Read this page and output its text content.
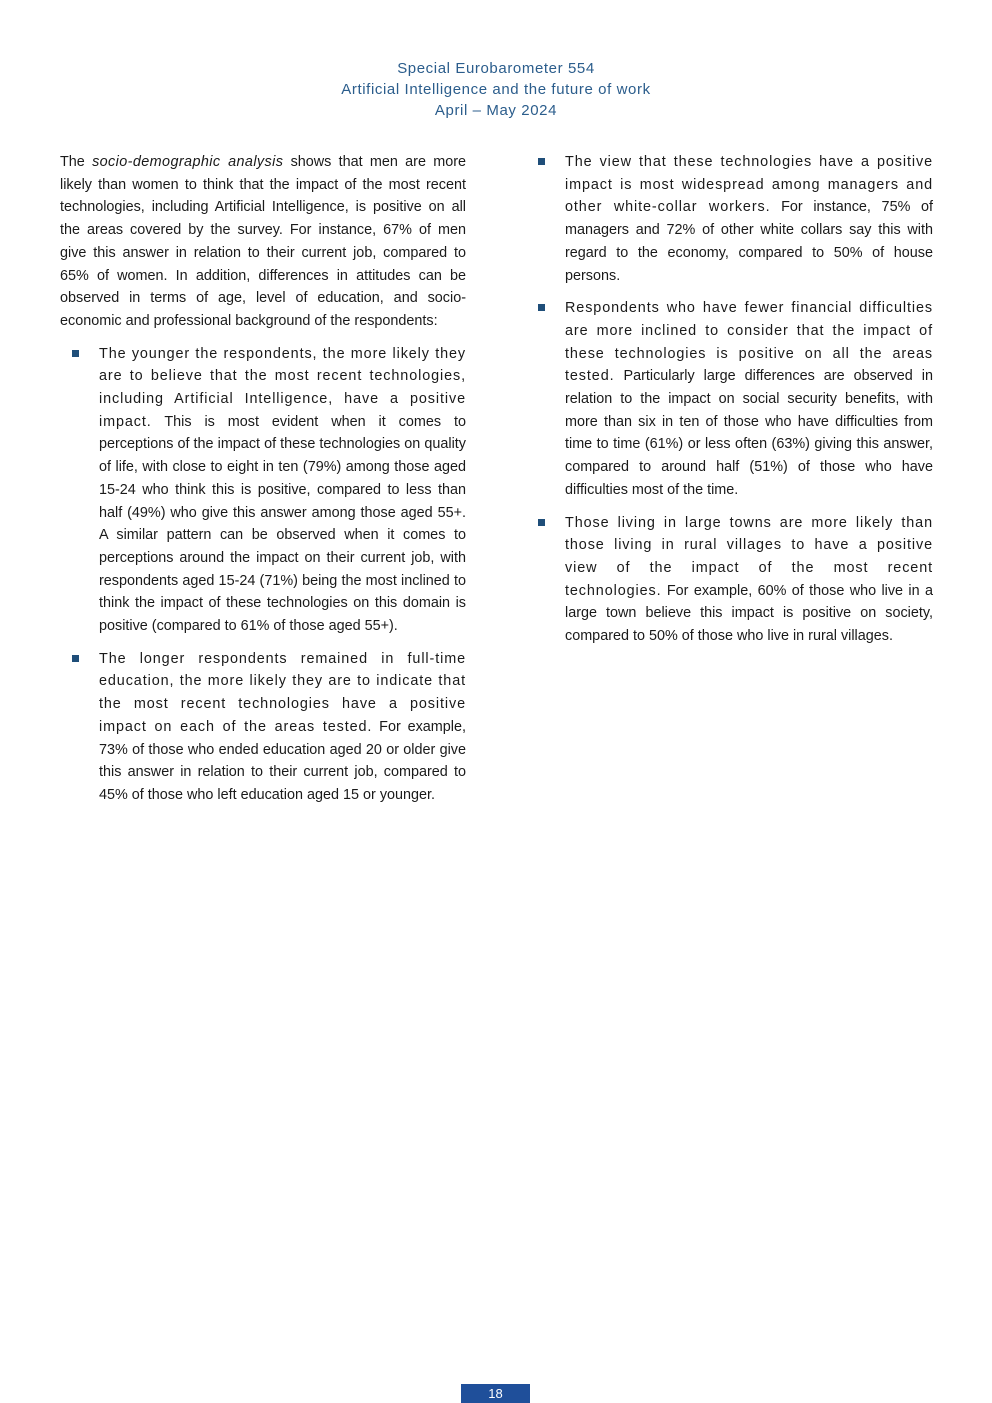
Special Eurobarometer 554
Artificial Intelligence and the future of work
April – May 2024

The socio-demographic analysis shows that men are more likely than women to think that the impact of the most recent technologies, including Artificial Intelligence, is positive on all the areas covered by the survey. For instance, 67% of men give this answer in relation to their current job, compared to 65% of women. In addition, differences in attitudes can be observed in terms of age, level of education, and socio-economic and professional background of the respondents:

The younger the respondents, the more likely they are to believe that the most recent technologies, including Artificial Intelligence, have a positive impact. This is most evident when it comes to perceptions of the impact of these technologies on quality of life, with close to eight in ten (79%) among those aged 15-24 who think this is positive, compared to less than half (49%) who give this answer among those aged 55+. A similar pattern can be observed when it comes to perceptions around the impact on their current job, with respondents aged 15-24 (71%) being the most inclined to think the impact of these technologies on this domain is positive (compared to 61% of those aged 55+).
The longer respondents remained in full-time education, the more likely they are to indicate that the most recent technologies have a positive impact on each of the areas tested. For example, 73% of those who ended education aged 20 or older give this answer in relation to their current job, compared to 45% of those who left education aged 15 or younger.
The view that these technologies have a positive impact is most widespread among managers and other white-collar workers. For instance, 75% of managers and 72% of other white collars say this with regard to the economy, compared to 50% of house persons.
Respondents who have fewer financial difficulties are more inclined to consider that the impact of these technologies is positive on all the areas tested. Particularly large differences are observed in relation to the impact on social security benefits, with more than six in ten of those who have difficulties from time to time (61%) or less often (63%) giving this answer, compared to around half (51%) of those who have difficulties most of the time.
Those living in large towns are more likely than those living in rural villages to have a positive view of the impact of the most recent technologies. For example, 60% of those who live in a large town believe this impact is positive on society, compared to 50% of those who live in rural villages.
18
